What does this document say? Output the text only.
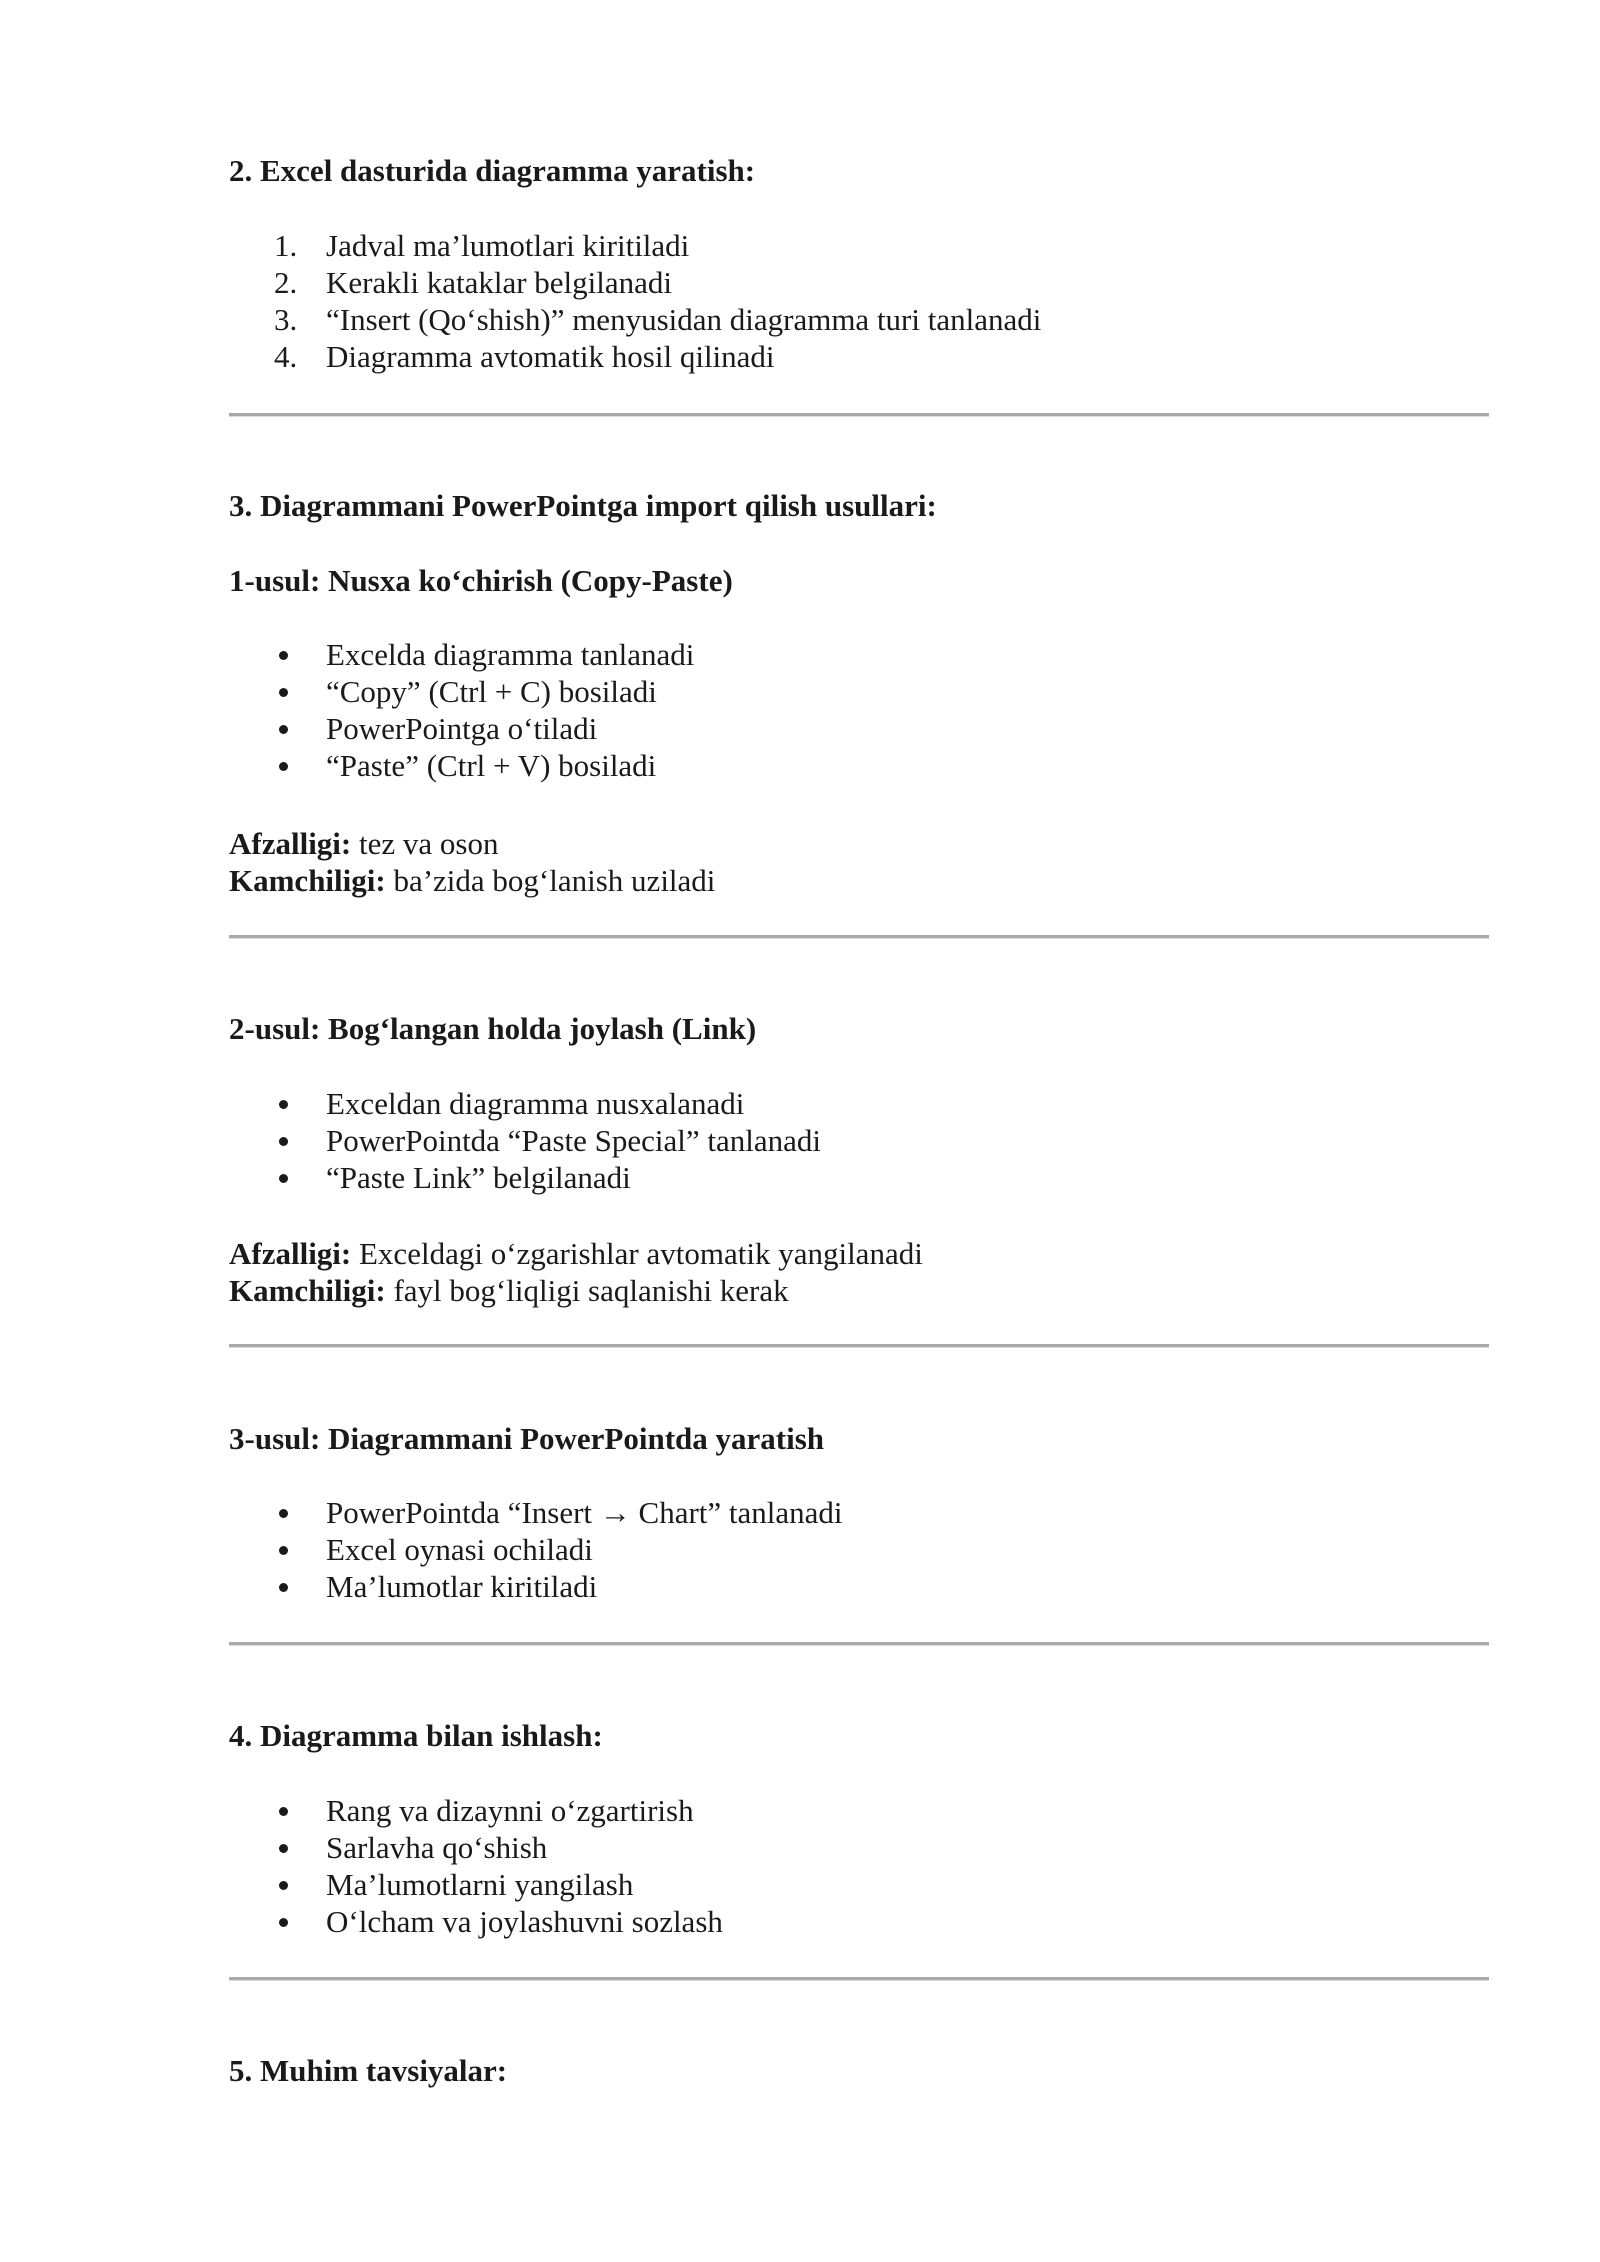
2. Excel dasturida diagramma yaratish:
1. Jadval ma’lumotlari kiritiladi
2. Kerakli kataklar belgilanadi
3. “Insert (Qo‘shish)” menyusidan diagramma turi tanlanadi
4. Diagramma avtomatik hosil qilinadi
3. Diagrammani PowerPointga import qilish usullari:
1-usul: Nusxa ko‘chirish (Copy-Paste)
Excelda diagramma tanlanadi
“Copy” (Ctrl + C) bosiladi
PowerPointga o‘tiladi
“Paste” (Ctrl + V) bosiladi
Afzalligi: tez va oson
Kamchiligi: ba’zida bog‘lanish uziladi
2-usul: Bog‘langan holda joylash (Link)
Exceldan diagramma nusxalanadi
PowerPointda “Paste Special” tanlanadi
“Paste Link” belgilanadi
Afzalligi: Exceldagi o‘zgarishlar avtomatik yangilanadi
Kamchiligi: fayl bog‘liqligi saqlanishi kerak
3-usul: Diagrammani PowerPointda yaratish
PowerPointda “Insert → Chart” tanlanadi
Excel oynasi ochiladi
Ma’lumotlar kiritiladi
4. Diagramma bilan ishlash:
Rang va dizaynni o‘zgartirish
Sarlavha qo‘shish
Ma’lumotlarni yangilash
O‘lcham va joylashuvni sozlash
5. Muhim tavsiyalar:
